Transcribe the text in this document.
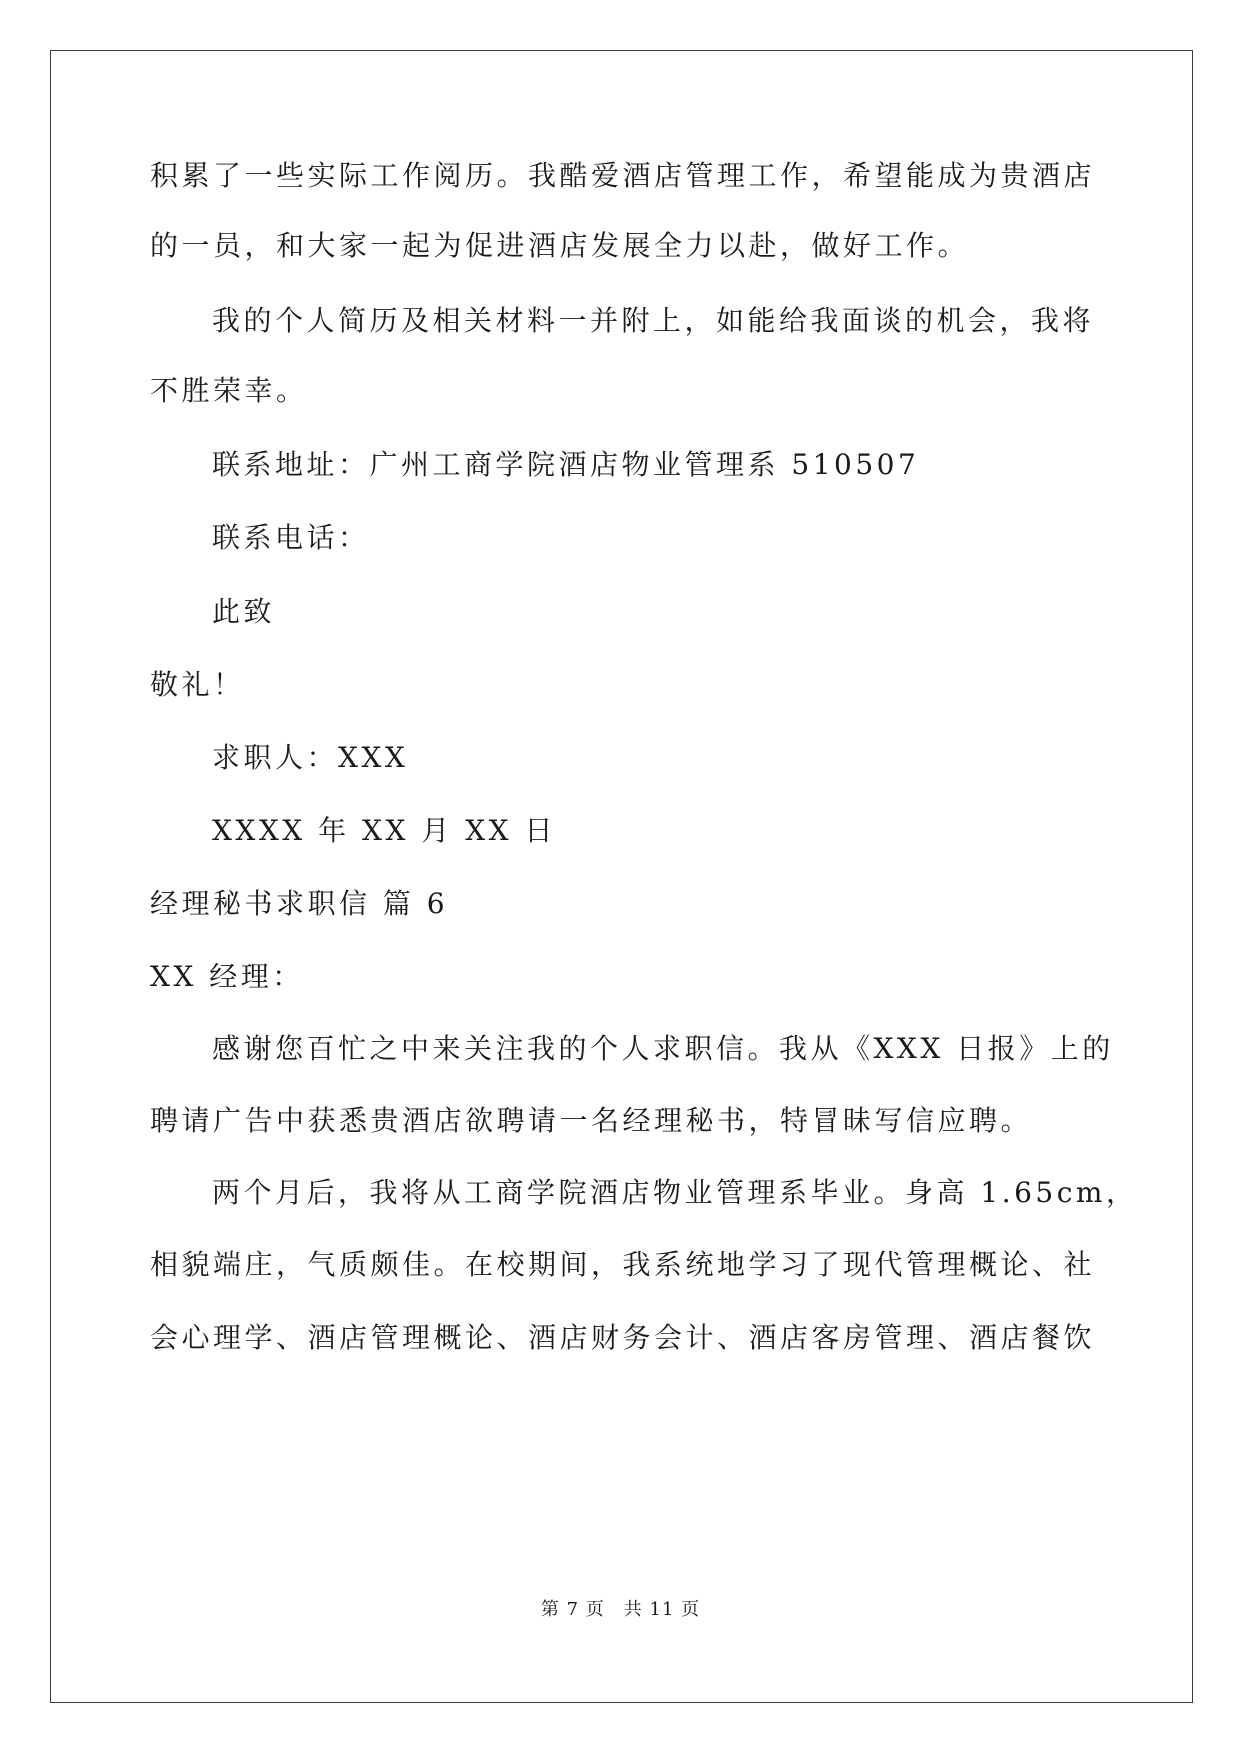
积累了一些实际工作阅历。我酷爱酒店管理工作，希望能成为贵酒店

的一员，和大家一起为促进酒店发展全力以赴，做好工作。

我的个人简历及相关材料一并附上，如能给我面谈的机会，我将

不胜荣幸。

联系地址：广州工商学院酒店物业管理系 510507

联系电话：

此致

敬礼！

求职人：XXX

XXXX 年 XX 月 XX 日

经理秘书求职信 篇 6

XX 经理：

感谢您百忙之中来关注我的个人求职信。我从《XXX 日报》上的

聘请广告中获悉贵酒店欲聘请一名经理秘书，特冒昧写信应聘。

两个月后，我将从工商学院酒店物业管理系毕业。身高 1.65cm，

相貌端庄，气质颇佳。在校期间，我系统地学习了现代管理概论、社

会心理学、酒店管理概论、酒店财务会计、酒店客房管理、酒店餐饮

第 7 页　共 11 页
